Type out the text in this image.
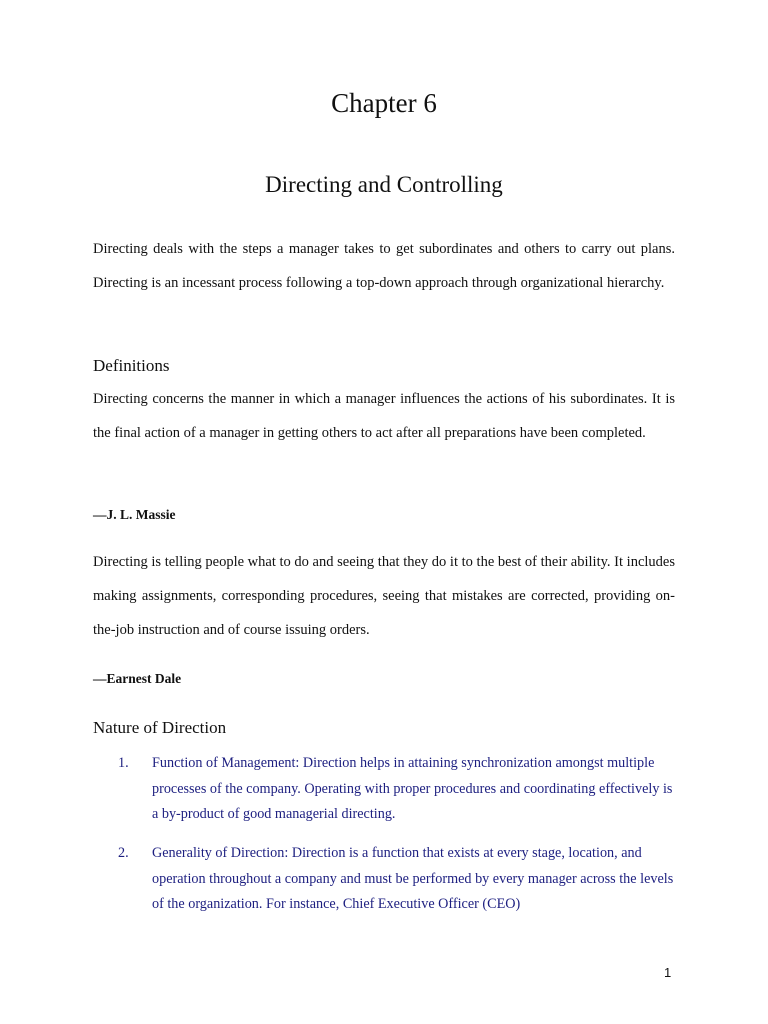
Chapter 6
Directing and Controlling

Directing deals with the steps a manager takes to get subordinates and others to carry out plans. Directing is an incessant process following a top-down approach through organizational hierarchy.

Definitions

Directing concerns the manner in which a manager influences the actions of his subordinates. It is the final action of a manager in getting others to act after all preparations have been completed.

—J. L. Massie

Directing is telling people what to do and seeing that they do it to the best of their ability. It includes making assignments, corresponding procedures, seeing that mistakes are corrected, providing on-the-job instruction and of course issuing orders.

—Earnest Dale
Nature of Direction
1. Function of Management: Direction helps in attaining synchronization amongst multiple processes of the company. Operating with proper procedures and coordinating effectively is a by-product of good managerial directing.
2. Generality of Direction: Direction is a function that exists at every stage, location, and operation throughout a company and must be performed by every manager across the levels of the organization. For instance, Chief Executive Officer (CEO)
1
